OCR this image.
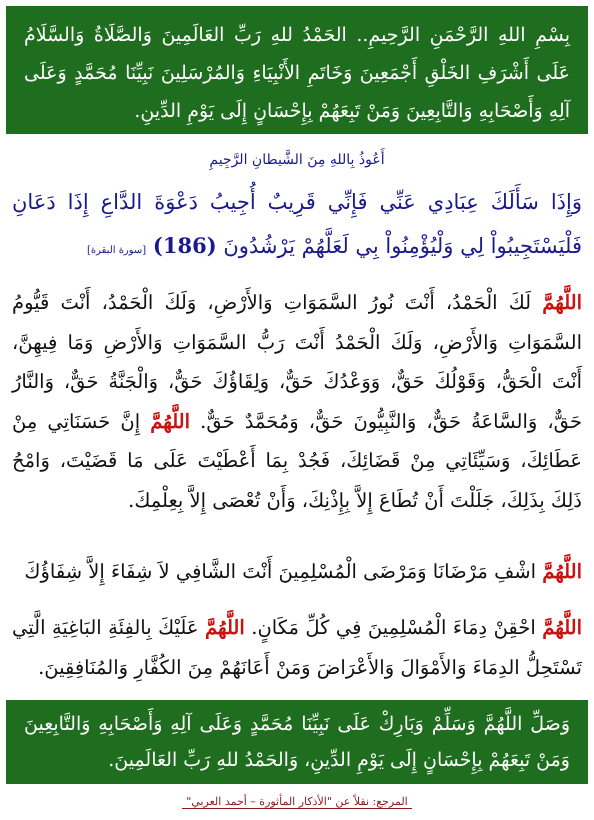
بِسْمِ اللهِ الرَّحْمَنِ الرَّحِيمِ.. الحَمْدُ للهِ رَبِّ العَالَمِينَ وَالصَّلَاةُ وَالسَّلَامُ عَلَى أَشْرَفِ الخَلْقِ أَجْمَعِينَ وَخَاتَمِ الأَنْبِيَاءِ وَالمُرْسَلِينَ نَبِيِّنَا مُحَمَّدٍ وَعَلَى آلِهِ وَأَصْحَابِهِ وَالتَّابِعِينَ وَمَنْ تَبِعَهُمْ بِإِحْسَانٍ إِلَى يَوْمِ الدِّينِ.
أَعُوذُ بِاللهِ مِنَ الشَّيطانِ الرَّجِيمِ
وَإِذَا سَأَلَكَ عِبَادِي عَنِّي فَإِنِّي قَرِيبٌ أُجِيبُ دَعْوَةَ الدَّاعِ إِذَا دَعَانِ فَلْيَسْتَجِيبُواْ لِي وَلْيُؤْمِنُواْ بِي لَعَلَّهُمْ يَرْشُدُونَ (186) [سورة البقرة]
اللَّهُمَّ لَكَ الْحَمْدُ، أَنْتَ نُورُ السَّمَوَاتِ وَالأَرْضِ، وَلَكَ الْحَمْدُ، أَنْتَ قَيُّومُ السَّمَوَاتِ وَالأَرْضِ، وَلَكَ الْحَمْدُ أَنْتَ رَبُّ السَّمَوَاتِ وَالأَرْضِ وَمَا فِيهِنَّ، أَنْتَ الْحَقُّ، وَقَوْلُكَ حَقٌّ، وَوَعْدُكَ حَقٌّ، وَلِقَاؤُكَ حَقٌّ، وَالْجَنَّةُ حَقٌّ، وَالنَّارُ حَقٌّ، وَالسَّاعَةُ حَقٌّ، وَالنَّبِيُّونَ حَقٌّ، وَمُحَمَّدٌ حَقٌّ. اللَّهُمَّ إِنَّ حَسَنَاتِي مِنْ عَطَائِكَ، وَسَيِّئَاتِي مِنْ قَضَائِكَ، فَجُدْ بِمَا أَعْطَيْتَ عَلَى مَا قَضَيْتَ، وَامْحُ ذَلِكَ بِذَلِكَ، جَلَلْتَ أَنْ تُطَاعَ إِلاَّ بِإِذْنِكَ، وَأَنْ تُعْصَى إِلاَّ بِعِلْمِكَ.
اللَّهُمَّ اشْفِ مَرْضَانَا وَمَرْضَى الْمُسْلِمِينَ أَنْتَ الشَّافِي لاَ شِفَاءَ إِلاَّ شِفَاؤُكَ
اللَّهُمَّ احْقِنْ دِمَاءَ الْمُسْلِمِينَ فِي كُلِّ مَكَانٍ. اللَّهُمَّ عَلَيْكَ بِالفِئَةِ البَاغِيَةِ الَّتِي تَسْتَحِلُّ الدِمَاءَ وَالأَمْوَالَ وَالأَعْرَاضَ وَمَنْ أَعَانَهُمْ مِنَ الكُفَّارِ وَالمُنَافِقِينَ.
وَصَلِّ اللَّهُمَّ وَسَلِّمْ وَبَارِكْ عَلَى نَبِيِّنَا مُحَمَّدٍ وَعَلَى آلِهِ وَأَصْحَابِهِ وَالتَّابِعِينَ وَمَنْ تَبِعَهُمْ بِإِحْسَانٍ إِلَى يَوْمِ الدِّينِ، وَالحَمْدُ للهِ رَبِّ العَالَمِينَ.
المرجع: نقلاً عن "الأذكار المأثورة – أحمد العربي"
